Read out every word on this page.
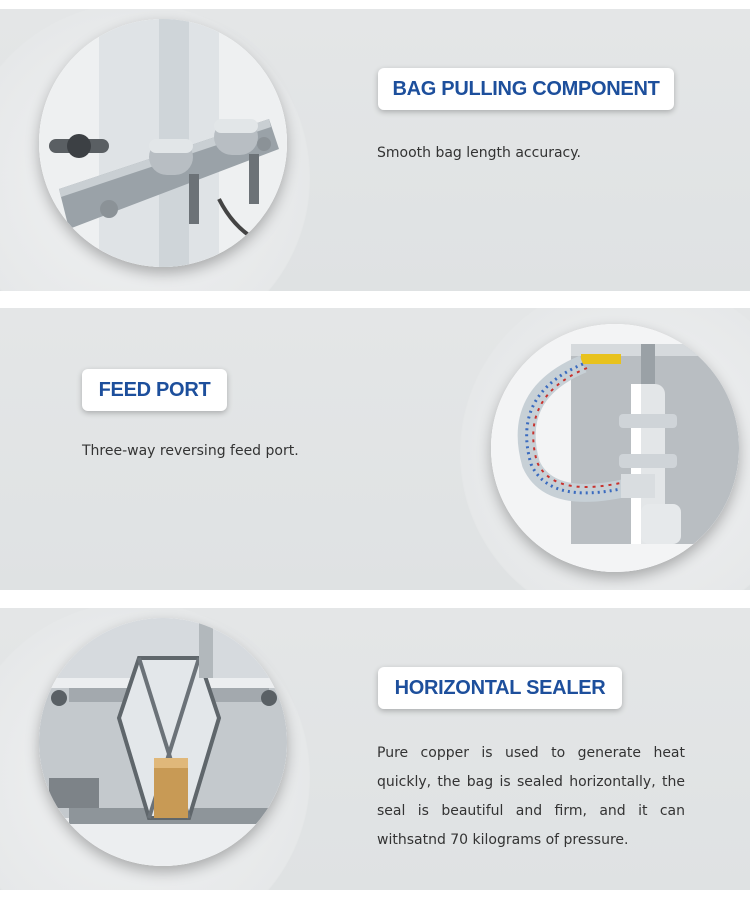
BAG PULLING COMPONENT
Smooth bag length accuracy.
FEED PORT
Three-way reversing feed port.
HORIZONTAL SEALER
Pure copper is used to generate heat quickly, the bag is sealed horizontally, the seal is beautiful and firm, and it can withsatnd 70 kilograms of pressure.
